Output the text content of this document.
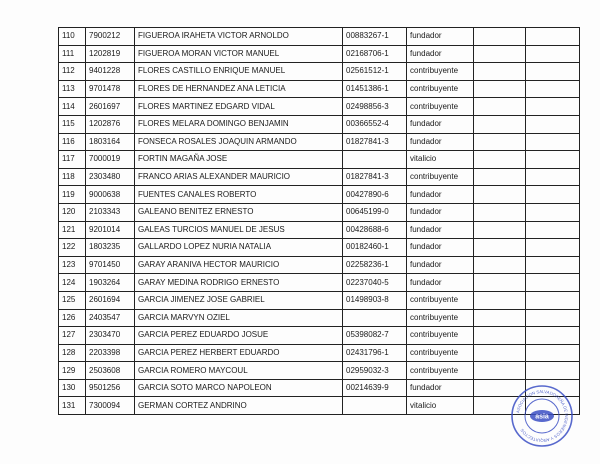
110	7900212	FIGUEROA IRAHETA VICTOR ARNOLDO	00883267-1	fundador		
111	1202819	FIGUEROA MORAN VICTOR MANUEL	02168706-1	fundador		
112	9401228	FLORES CASTILLO ENRIQUE MANUEL	02561512-1	contribuyente		
113	9701478	FLORES DE HERNANDEZ ANA LETICIA	01451386-1	contribuyente		
114	2601697	FLORES MARTINEZ EDGARD VIDAL	02498856-3	contribuyente		
115	1202876	FLORES MELARA DOMINGO BENJAMIN	00366552-4	fundador		
116	1803164	FONSECA ROSALES JOAQUIN ARMANDO	01827841-3	fundador		
117	7000019	FORTIN MAGAÑA JOSE		vitalicio		
118	2303480	FRANCO ARIAS ALEXANDER MAURICIO	01827841-3	contribuyente		
119	9000638	FUENTES CANALES ROBERTO	00427890-6	fundador		
120	2103343	GALEANO BENITEZ ERNESTO	00645199-0	fundador		
121	9201014	GALEAS TURCIOS MANUEL DE JESUS	00428688-6	fundador		
122	1803235	GALLARDO LOPEZ NURIA NATALIA	00182460-1	fundador		
123	9701450	GARAY ARANIVA HECTOR MAURICIO	02258236-1	fundador		
124	1903264	GARAY MEDINA RODRIGO ERNESTO	02237040-5	fundador		
125	2601694	GARCIA JIMENEZ JOSE GABRIEL	01498903-8	contribuyente		
126	2403547	GARCIA MARVYN OZIEL		contribuyente		
127	2303470	GARCIA PEREZ EDUARDO JOSUE	05398082-7	contribuyente		
128	2203398	GARCIA PEREZ HERBERT EDUARDO	02431796-1	contribuyente		
129	2503608	GARCIA ROMERO MAYCOUL	02959032-3	contribuyente		
130	9501256	GARCIA SOTO MARCO NAPOLEON	00214639-9	fundador		
131	7300094	GERMAN CORTEZ ANDRINO		vitalicio		
ASOCIACION SALVADOREÑA DE INGENIEROS Y ARQUITECTOS
asia
